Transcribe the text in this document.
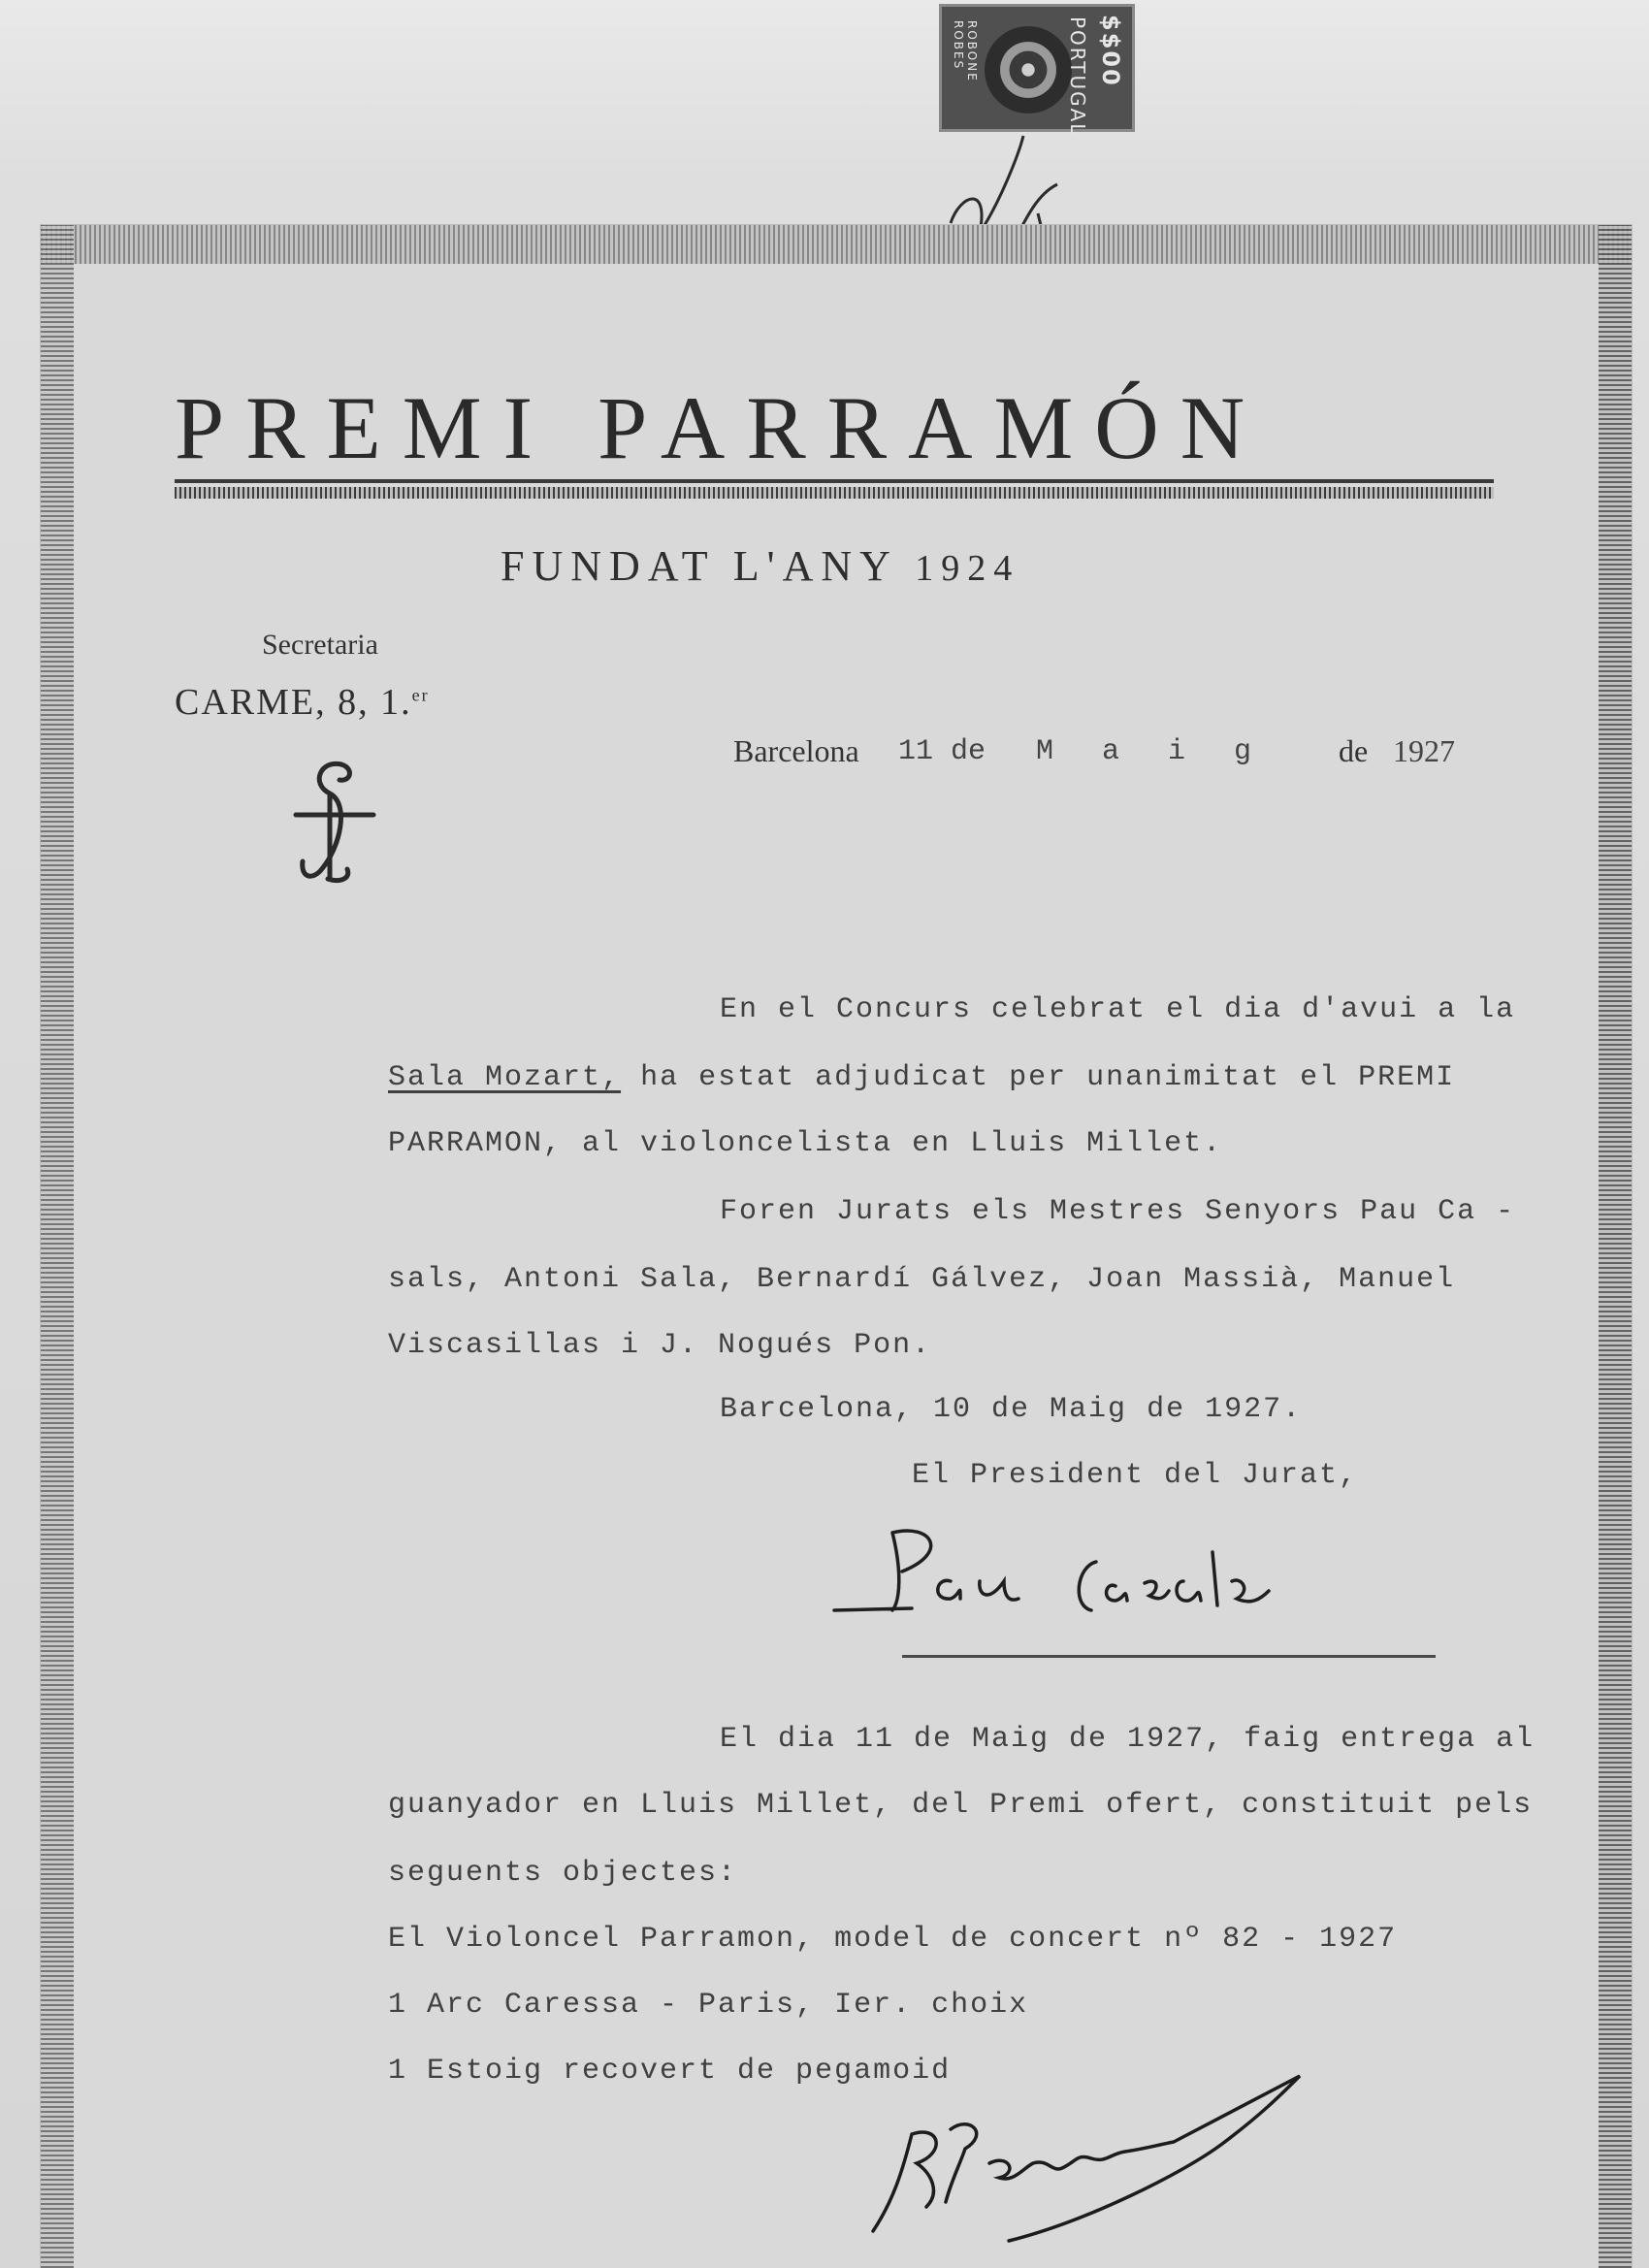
ROBONE ROBES	PORTUGAL $$00
PREMI PARRAMÓN
FUNDAT L'ANY 1924
Secretaria
CARME, 8, 1.$^{er}$
Barcelona 11 de M a i g de 1927
En el Concurs celebrat el dia d'avui a la
Sala Mozart, ha estat adjudicat per unanimitat el PREMI
PARRAMON, al violoncelista en Lluis Millet.
Foren Jurats els Mestres Senyors Pau Ca -
sals, Antoni Sala, Bernardí Gálvez, Joan Massià, Manuel
Viscasillas i J. Nogués Pon.
Barcelona, 10 de Maig de 1927.
El President del Jurat,
El dia 11 de Maig de 1927, faig entrega al
guanyador en Lluis Millet, del Premi ofert, constituit pels
seguents objectes:
El Violoncel Parramon, model de concert nº 82 - 1927
1 Arc Caressa - Paris, Ier. choix
1 Estoig recovert de pegamoid
